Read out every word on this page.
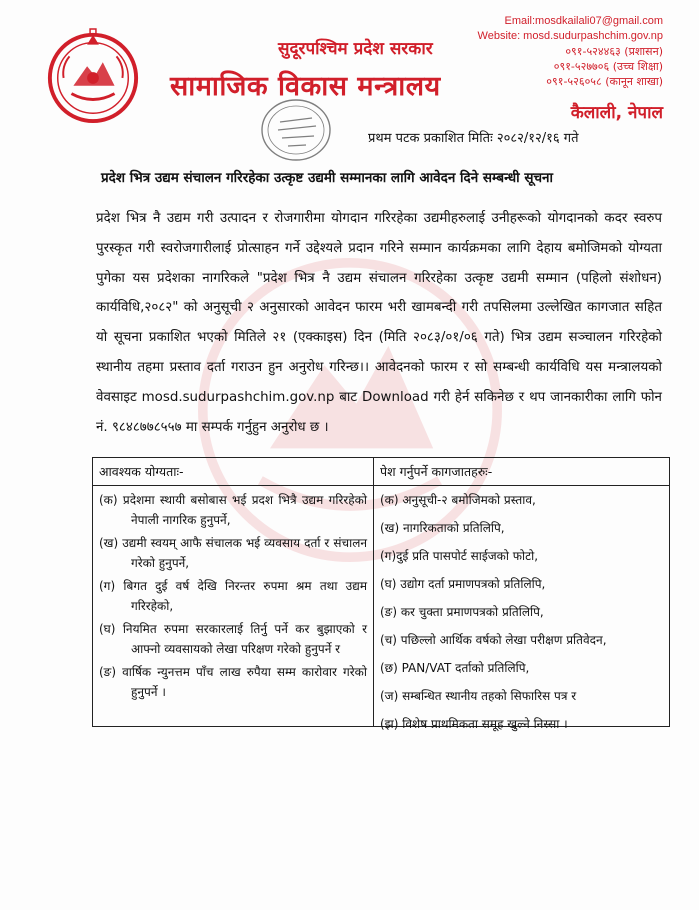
सुदूरपश्चिम प्रदेश सरकार
सामाजिक विकास मन्त्रालय
Email:mosdkailali07@gmail.com
Website: mosd.sudurpashchim.gov.np
०९१-५२४४६३ (प्रशासन)
०९१-५२७७०६ (उच्च शिक्षा)
०९१-५२६०५८ (कानून शाखा)
कैलाली, नेपाल
प्रथम पटक प्रकाशित मितिः २०८२/१२/१६ गते
प्रदेश भित्र उद्यम संचालन गरिरहेका उत्कृष्ट उद्यमी सम्मानका लागि आवेदन दिने सम्बन्धी सूचना
प्रदेश भित्र नै उद्यम गरी उत्पादन र रोजगारीमा योगदान गरिरहेका उद्यमीहरुलाई उनीहरूको योगदानको कदर स्वरुप पुरस्कृत गरी स्वरोजगारीलाई प्रोत्साहन गर्ने उद्देश्यले प्रदान गरिने सम्मान कार्यक्रमका लागि देहाय बमोजिमको योग्यता पुगेका यस प्रदेशका नागरिकले "प्रदेश भित्र नै उद्यम संचालन गरिरहेका उत्कृष्ट उद्यमी सम्मान (पहिलो संशोधन) कार्यविधि,२०८२" को अनुसूची २ अनुसारको आवेदन फारम भरी खामबन्दी गरी तपसिलमा उल्लेखित कागजात सहित यो सूचना प्रकाशित भएको मितिले २१ (एक्काइस) दिन (मिति २०८३/०१/०६ गते) भित्र उद्यम सञ्चालन गरिरहेको स्थानीय तहमा प्रस्ताव दर्ता गराउन हुन अनुरोध गरिन्छ।। आवेदनको फारम र सो सम्बन्धी कार्यविधि यस मन्त्रालयको वेवसाइट mosd.sudurpashchim.gov.np बाट Download गरी हेर्न सकिनेछ र थप जानकारीका लागि फोन नं. ९८४८७७८५५७ मा सम्पर्क गर्नुहुन अनुरोध छ ।
आवश्यक योग्यताः-
(क) प्रदेशमा स्थायी बसोबास भई प्रदश भित्रै उद्यम गरिरहेको नेपाली नागरिक हुनुपर्ने,
(ख) उद्यमी स्वयम् आफै संचालक भई व्यवसाय दर्ता र संचालन गरेको हुनुपर्ने,
(ग) बिगत दुई वर्ष देखि निरन्तर रुपमा श्रम तथा उद्यम गरिरहेको,
(घ) नियमित रुपमा सरकारलाई तिर्नु पर्ने कर बुझाएको र आफ्नो व्यवसायको लेखा परिक्षण गरेको हुनुपर्ने र
(ङ) वार्षिक न्युनत्तम पाँच लाख रुपैया सम्म कारोवार गरेको हुनुपर्ने ।
पेश गर्नुपर्ने कागजातहरुः-
(क) अनुसूची-२ बमोजिमको प्रस्ताव,
(ख) नागरिकताको प्रतिलिपि,
(ग)दुई प्रति पासपोर्ट साईजको फोटो,
(घ) उद्योग दर्ता प्रमाणपत्रको प्रतिलिपि,
(ङ) कर चुक्ता प्रमाणपत्रको प्रतिलिपि,
(च) पछिल्लो आर्थिक वर्षको लेखा परीक्षण प्रतिवेदन,
(छ) PAN/VAT दर्ताको प्रतिलिपि,
(ज) सम्बन्धित स्थानीय तहको सिफारिस पत्र र
(झ) विशेष प्राथमिकता समूह खुल्ने निस्सा ।
